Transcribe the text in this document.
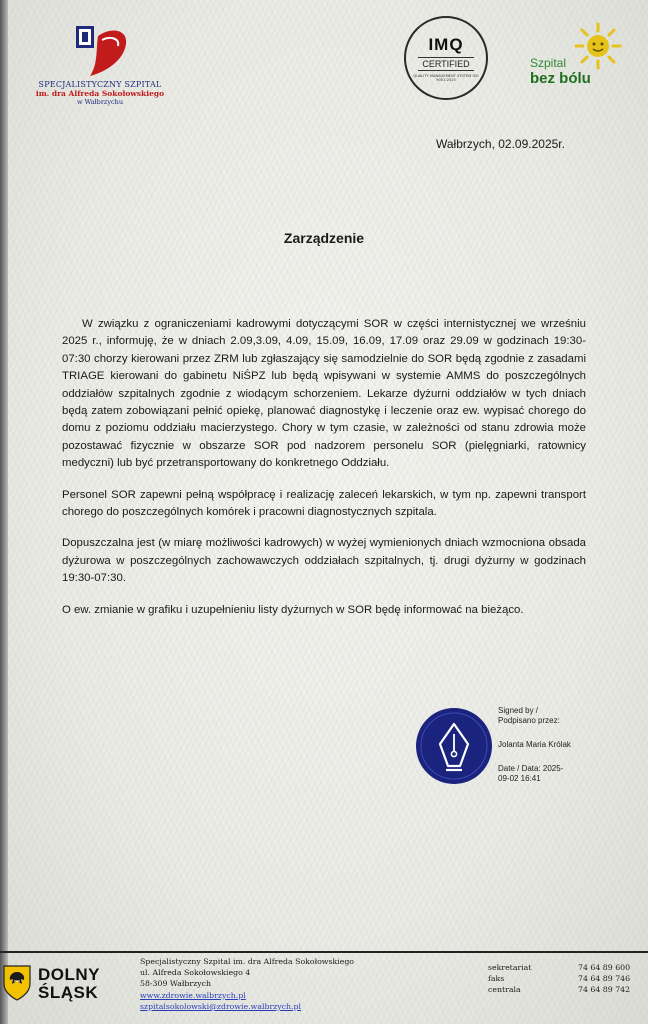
SPECJALISTYCZNY SZPITAL
im. dra Alfreda Sokołowskiego
w Wałbrzychu
IMQ
CERTIFIED
QUALITY MANAGEMENT SYSTEM ISO 9001:2015
Szpital
bez bólu
Wałbrzych, 02.09.2025r.
Zarządzenie

W związku z ograniczeniami kadrowymi dotyczącymi SOR w części internistycznej we wrześniu 2025 r., informuję, że w dniach 2.09,3.09, 4.09, 15.09, 16.09, 17.09 oraz 29.09 w godzinach 19:30-07:30 chorzy kierowani przez ZRM lub zgłaszający się samodzielnie do SOR będą zgodnie z zasadami TRIAGE kierowani do gabinetu NiŚPZ lub będą wpisywani w systemie AMMS do poszczególnych oddziałów szpitalnych zgodnie z wiodącym schorzeniem. Lekarze dyżurni oddziałów w tych dniach będą zatem zobowiązani pełnić opiekę, planować diagnostykę i leczenie oraz ew. wypisać chorego do domu z poziomu oddziału macierzystego. Chory w tym czasie, w zależności od stanu zdrowia może pozostawać fizycznie w obszarze SOR pod nadzorem personelu SOR (pielęgniarki, ratownicy medyczni) lub być przetransportowany do konkretnego Oddziału.

Personel SOR zapewni pełną współpracę i realizację zaleceń lekarskich, w tym np. zapewni transport chorego do poszczególnych komórek i pracowni diagnostycznych szpitala.

Dopuszczalna jest (w miarę możliwości kadrowych) w wyżej wymienionych dniach wzmocniona obsada dyżurowa w poszczególnych zachowawczych oddziałach szpitalnych, tj. drugi dyżurny w godzinach 19:30-07:30.

O ew. zmianie w grafiku i uzupełnieniu listy dyżurnych w SOR będę informować na bieżąco.

Signed by /
Podpisano przez:
Jolanta Maria Królak
Date / Data: 2025-
09-02 16:41
DOLNY
ŚLĄSK
Specjalistyczny Szpital im. dra Alfreda Sokołowskiego
ul. Alfreda Sokołowskiego 4
58-309 Wałbrzych
www.zdrowie.walbrzych.pl
szpitalsokolowski@zdrowie.walbrzych.pl
sekretariat
faks
centrala
74 64 89 600
74 64 89 746
74 64 89 742
